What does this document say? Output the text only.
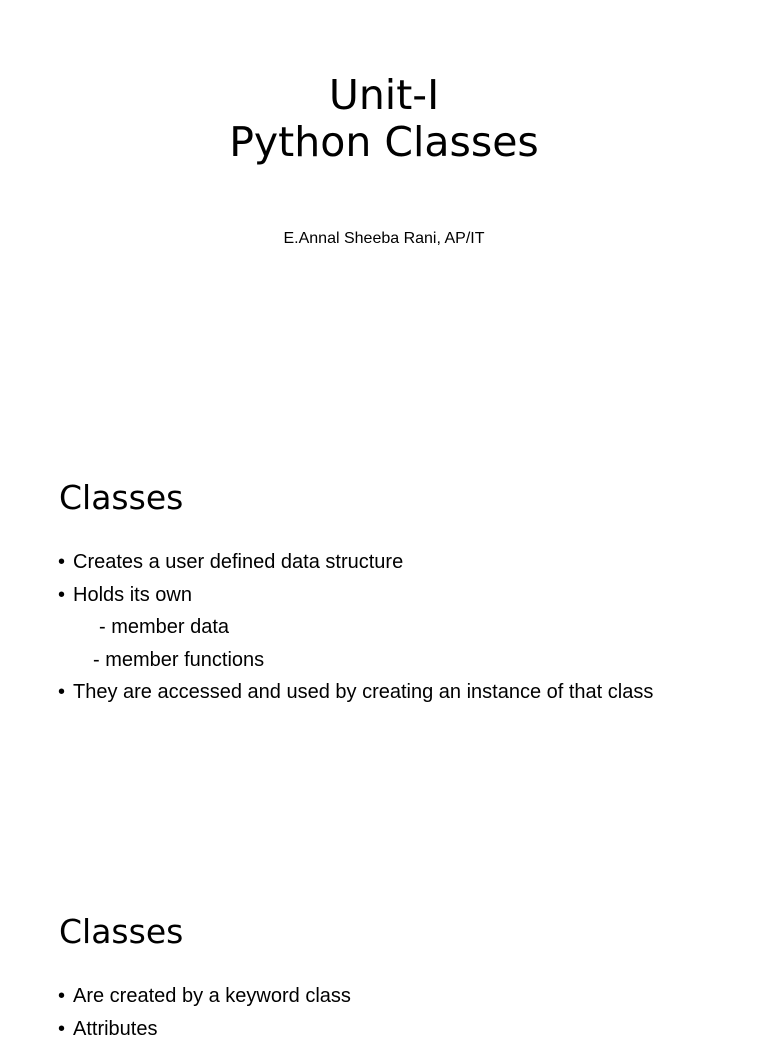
Unit-I
Python Classes
E.Annal Sheeba Rani, AP/IT
Classes
• Creates a user defined data structure
• Holds its own
- member data
- member functions
• They are accessed and used by creating an instance of that class
Classes
• Are created by a keyword class
• Attributes
